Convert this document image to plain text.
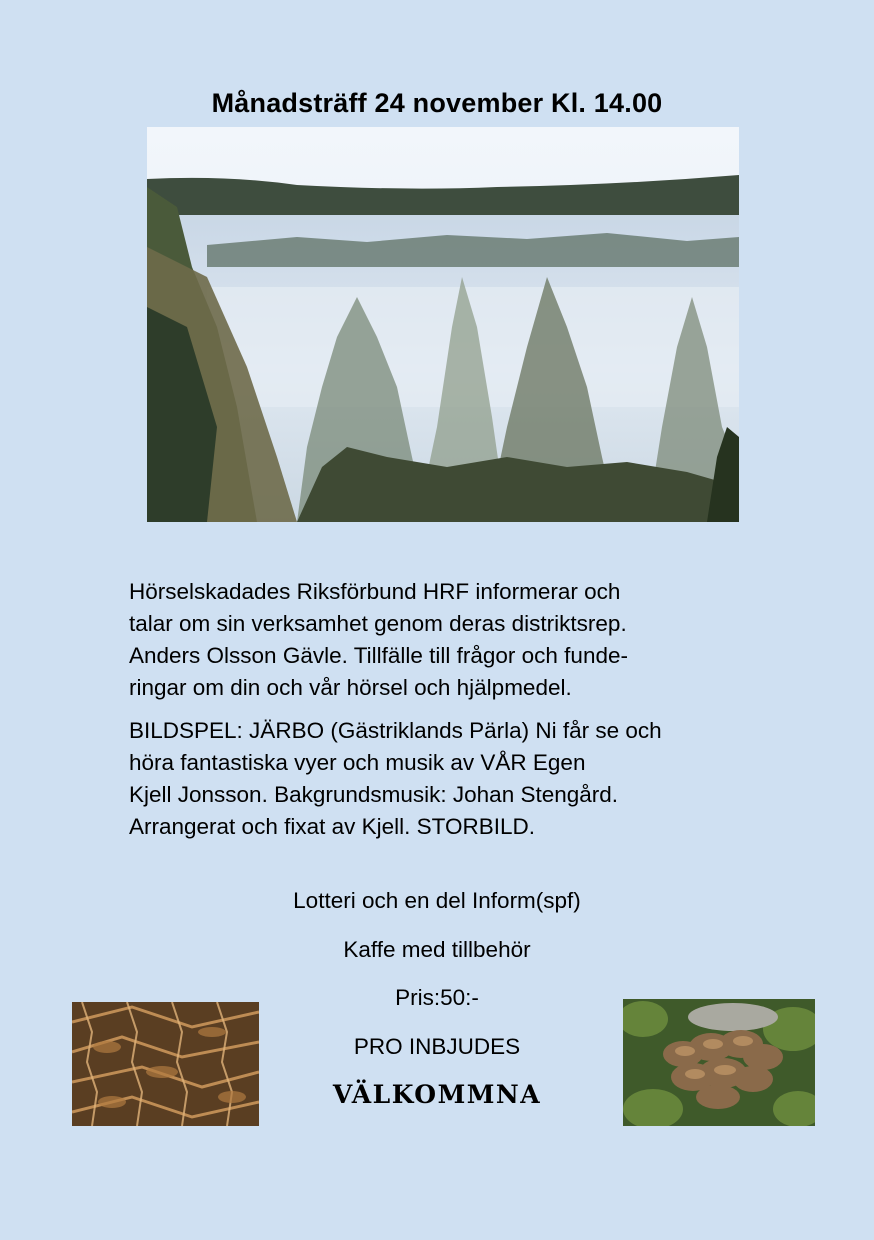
Månadsträff 24 november Kl. 14.00

Hörselskadades Riksförbund HRF informerar och
talar om sin verksamhet genom deras distriktsrep.
Anders Olsson Gävle. Tillfälle till frågor och funde-
ringar om din och vår hörsel och hjälpmedel.

BILDSPEL: JÄRBO (Gästriklands Pärla) Ni får se och
höra fantastiska vyer och musik av VÅR Egen
Kjell Jonsson. Bakgrundsmusik: Johan Stengård.
Arrangerat och fixat av Kjell. STORBILD.

Lotteri och en del Inform(spf)
Kaffe med tillbehör
Pris:50:-
PRO INBJUDES
VÄLKOMMNA
